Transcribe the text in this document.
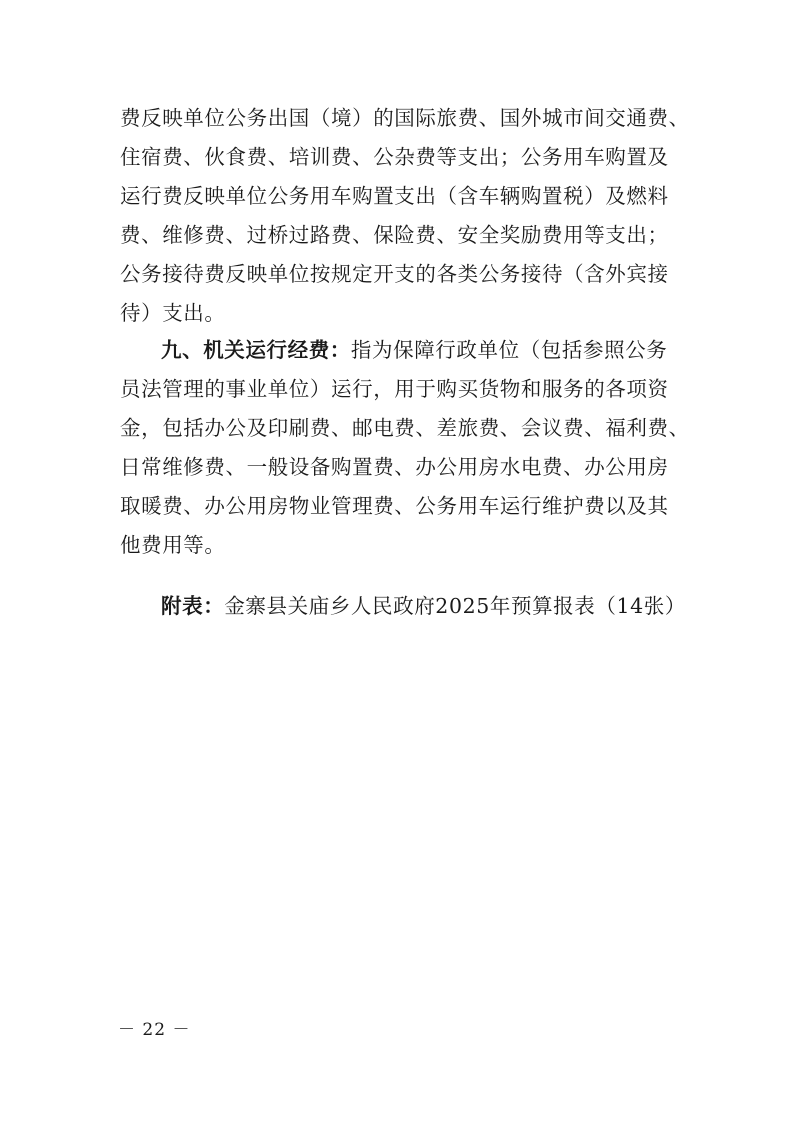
费反映单位公务出国（境）的国际旅费、国外城市间交通费、
住宿费、伙食费、培训费、公杂费等支出；公务用车购置及
运行费反映单位公务用车购置支出（含车辆购置税）及燃料
费、维修费、过桥过路费、保险费、安全奖励费用等支出；
公务接待费反映单位按规定开支的各类公务接待（含外宾接
待）支出。
九、机关运行经费：指为保障行政单位（包括参照公务
员法管理的事业单位）运行，用于购买货物和服务的各项资
金，包括办公及印刷费、邮电费、差旅费、会议费、福利费、
日常维修费、一般设备购置费、办公用房水电费、办公用房
取暖费、办公用房物业管理费、公务用车运行维护费以及其
他费用等。
附表：金寨县关庙乡人民政府2025年预算报表（14张）
－ 22 －
